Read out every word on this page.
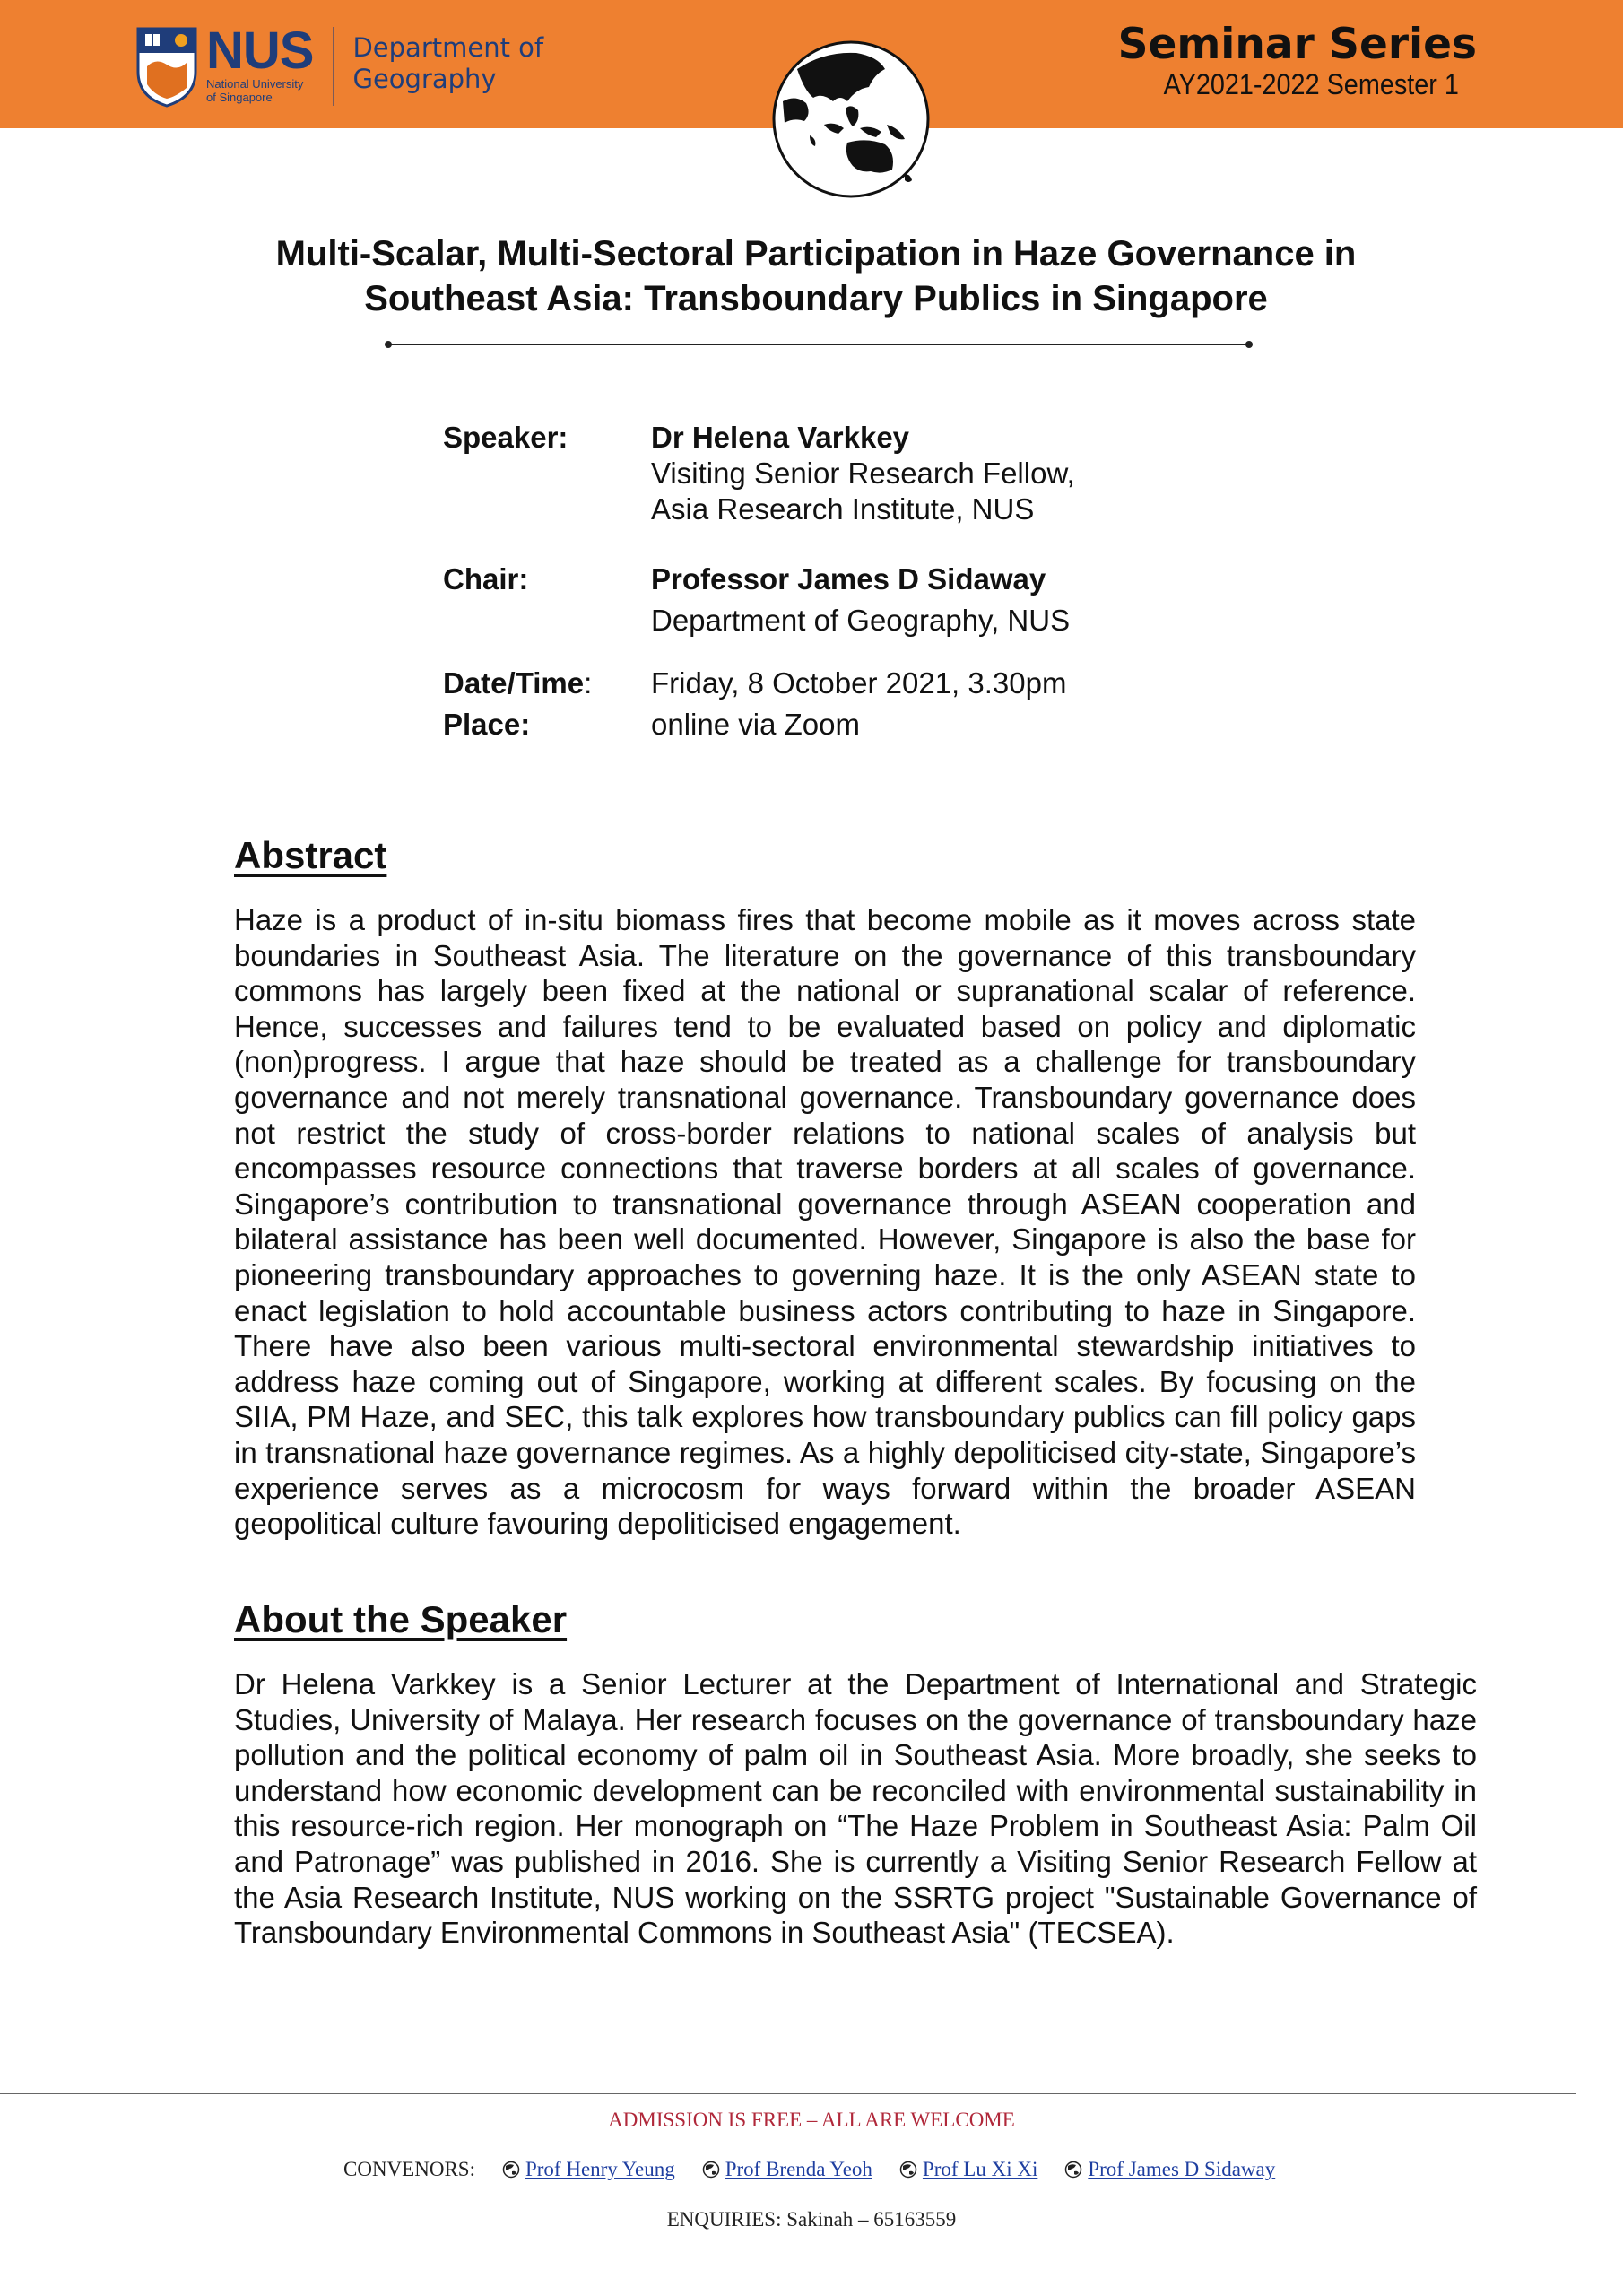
NUS
National University
of Singapore
Department of
Geography
Seminar Series
AY2021-2022 Semester 1
Multi-Scalar, Multi-Sectoral Participation in Haze Governance in
Southeast Asia: Transboundary Publics in Singapore
Speaker:	Dr Helena Varkkey
Visiting Senior Research Fellow,
Asia Research Institute, NUS
Chair:	Professor James D Sidaway
Department of Geography, NUS
Date/Time:	Friday, 8 October 2021, 3.30pm
Place:	online via Zoom
Abstract
Haze is a product of in-situ biomass fires that become mobile as it moves across state boundaries in Southeast Asia. The literature on the governance of this transboundary commons has largely been fixed at the national or supranational scalar of reference. Hence, successes and failures tend to be evaluated based on policy and diplomatic (non)progress. I argue that haze should be treated as a challenge for transboundary governance and not merely transnational governance. Transboundary governance does not restrict the study of cross-border relations to national scales of analysis but encompasses resource connections that traverse borders at all scales of governance. Singapore’s contribution to transnational governance through ASEAN cooperation and bilateral assistance has been well documented. However, Singapore is also the base for pioneering transboundary approaches to governing haze. It is the only ASEAN state to enact legislation to hold accountable business actors contributing to haze in Singapore. There have also been various multi-sectoral environmental stewardship initiatives to address haze coming out of Singapore, working at different scales. By focusing on the SIIA, PM Haze, and SEC, this talk explores how transboundary publics can fill policy gaps in transnational haze governance regimes. As a highly depoliticised city-state, Singapore’s experience serves as a microcosm for ways forward within the broader ASEAN geopolitical culture favouring depoliticised engagement.
About the Speaker
Dr Helena Varkkey is a Senior Lecturer at the Department of International and Strategic Studies, University of Malaya. Her research focuses on the governance of transboundary haze pollution and the political economy of palm oil in Southeast Asia. More broadly, she seeks to understand how economic development can be reconciled with environmental sustainability in this resource-rich region. Her monograph on “The Haze Problem in Southeast Asia: Palm Oil and Patronage” was published in 2016. She is currently a Visiting Senior Research Fellow at the Asia Research Institute, NUS working on the SSRTG project "Sustainable Governance of Transboundary Environmental Commons in Southeast Asia" (TECSEA).
ADMISSION IS FREE – ALL ARE WELCOME
CONVENORS: Prof Henry Yeung Prof Brenda Yeoh Prof Lu Xi Xi Prof James D Sidaway
ENQUIRIES: Sakinah – 65163559
